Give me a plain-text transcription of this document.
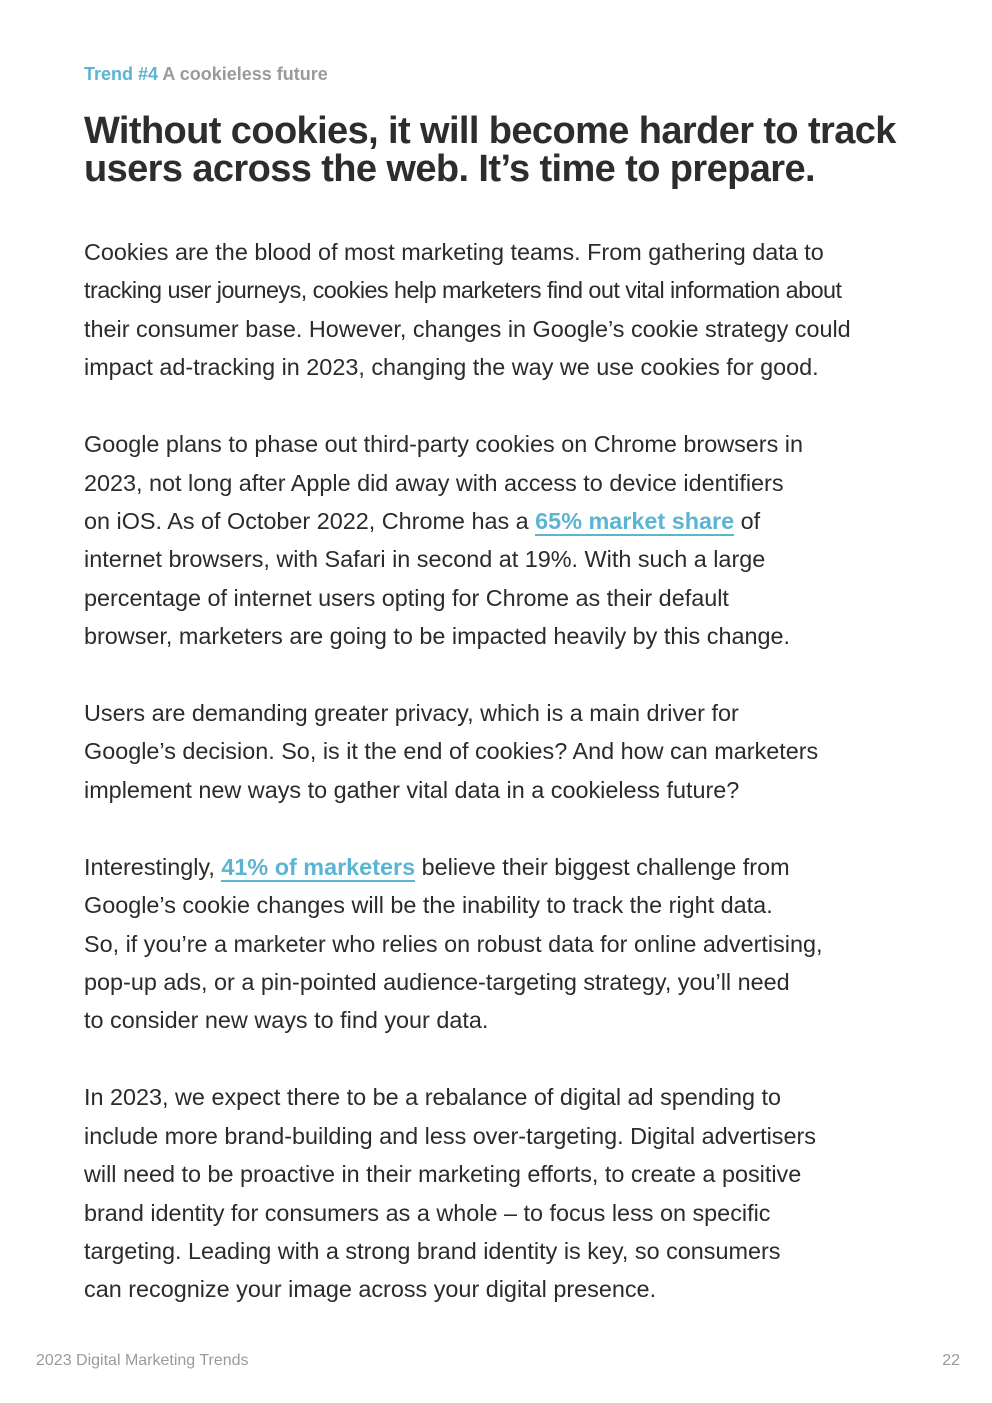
Trend #4 A cookieless future
Without cookies, it will become harder to track
users across the web. It’s time to prepare.

Cookies are the blood of most marketing teams. From gathering data to
tracking user journeys, cookies help marketers find out vital information about
their consumer base. However, changes in Google’s cookie strategy could
impact ad-tracking in 2023, changing the way we use cookies for good.

Google plans to phase out third-party cookies on Chrome browsers in
2023, not long after Apple did away with access to device identifiers
on iOS. As of October 2022, Chrome has a 65% market share of
internet browsers, with Safari in second at 19%. With such a large
percentage of internet users opting for Chrome as their default
browser, marketers are going to be impacted heavily by this change.

Users are demanding greater privacy, which is a main driver for
Google’s decision. So, is it the end of cookies? And how can marketers
implement new ways to gather vital data in a cookieless future?

Interestingly, 41% of marketers believe their biggest challenge from
Google’s cookie changes will be the inability to track the right data.
So, if you’re a marketer who relies on robust data for online advertising,
pop-up ads, or a pin-pointed audience-targeting strategy, you’ll need
to consider new ways to find your data.

In 2023, we expect there to be a rebalance of digital ad spending to
include more brand-building and less over-targeting. Digital advertisers
will need to be proactive in their marketing efforts, to create a positive
brand identity for consumers as a whole – to focus less on specific
targeting. Leading with a strong brand identity is key, so consumers
can recognize your image across your digital presence.

2023 Digital Marketing Trends	22
